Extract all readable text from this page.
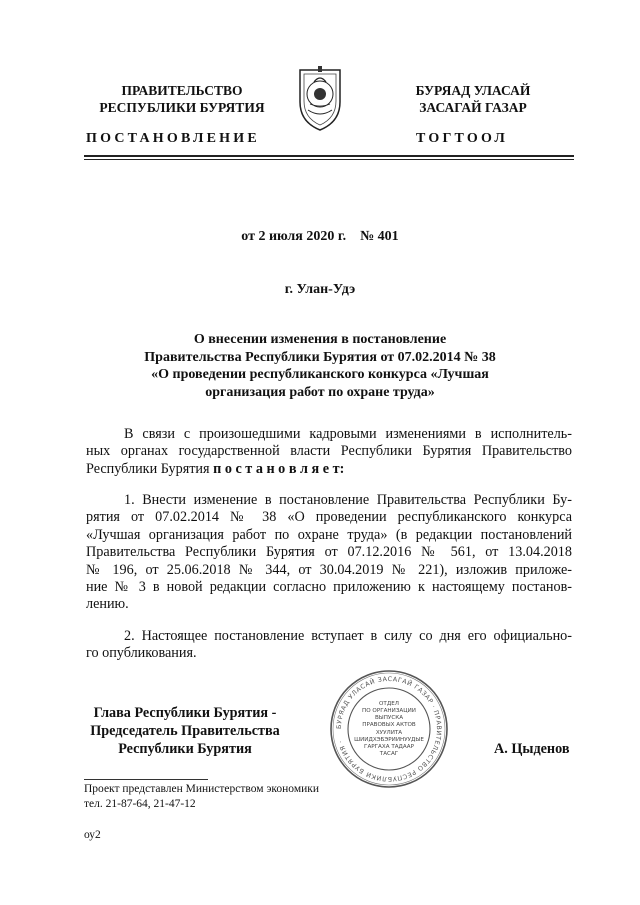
ПРАВИТЕЛЬСТВО
РЕСПУБЛИКИ БУРЯТИЯ
БУРЯАД УЛАСАЙ
ЗАСАГАЙ ГАЗАР
ПОСТАНОВЛЕНИЕ	ТОГТООЛ
от 2 июля 2020 г.    № 401
г. Улан-Удэ
О внесении изменения в постановление
Правительства Республики Бурятия от 07.02.2014 № 38
«О проведении республиканского конкурса «Лучшая
организация работ по охране труда»
В связи с произошедшими кадровыми изменениями в исполнитель-
ных органах государственной власти Республики Бурятия Правительство
Республики Бурятия п о с т а н о в л я е т:
1. Внести изменение в постановление Правительства Республики Бу-
рятия от 07.02.2014 № 38 «О проведении республиканского конкурса
«Лучшая организация работ по охране труда» (в редакции постановлений
Правительства Республики Бурятия от 07.12.2016 № 561, от 13.04.2018
№ 196, от 25.06.2018 № 344, от 30.04.2019 № 221), изложив приложе-
ние № 3 в новой редакции согласно приложению к настоящему постанов-
лению.
2. Настоящее постановление вступает в силу со дня его официально-
го опубликования.
Глава Республики Бурятия -
Председатель Правительства
Республики Бурятия
БУРЯАД УЛАСАЙ ЗАСАГАЙ ГАЗАР · ПРАВИТЕЛЬСТВО РЕСПУБЛИКИ БУРЯТИЯ ·
ОТДЕЛ
ПО ОРГАНИЗАЦИИ
ВЫПУСКА
ПРАВОВЫХ АКТОВ
ХУУЛИТА
ШИИДХЭБЭРИИНУУДЫЕ
ГАРГАХА ТАДААР
ТАСАГ	А. Цыденов
Проект представлен Министерством экономики
тел. 21-87-64, 21-47-12
оу2
